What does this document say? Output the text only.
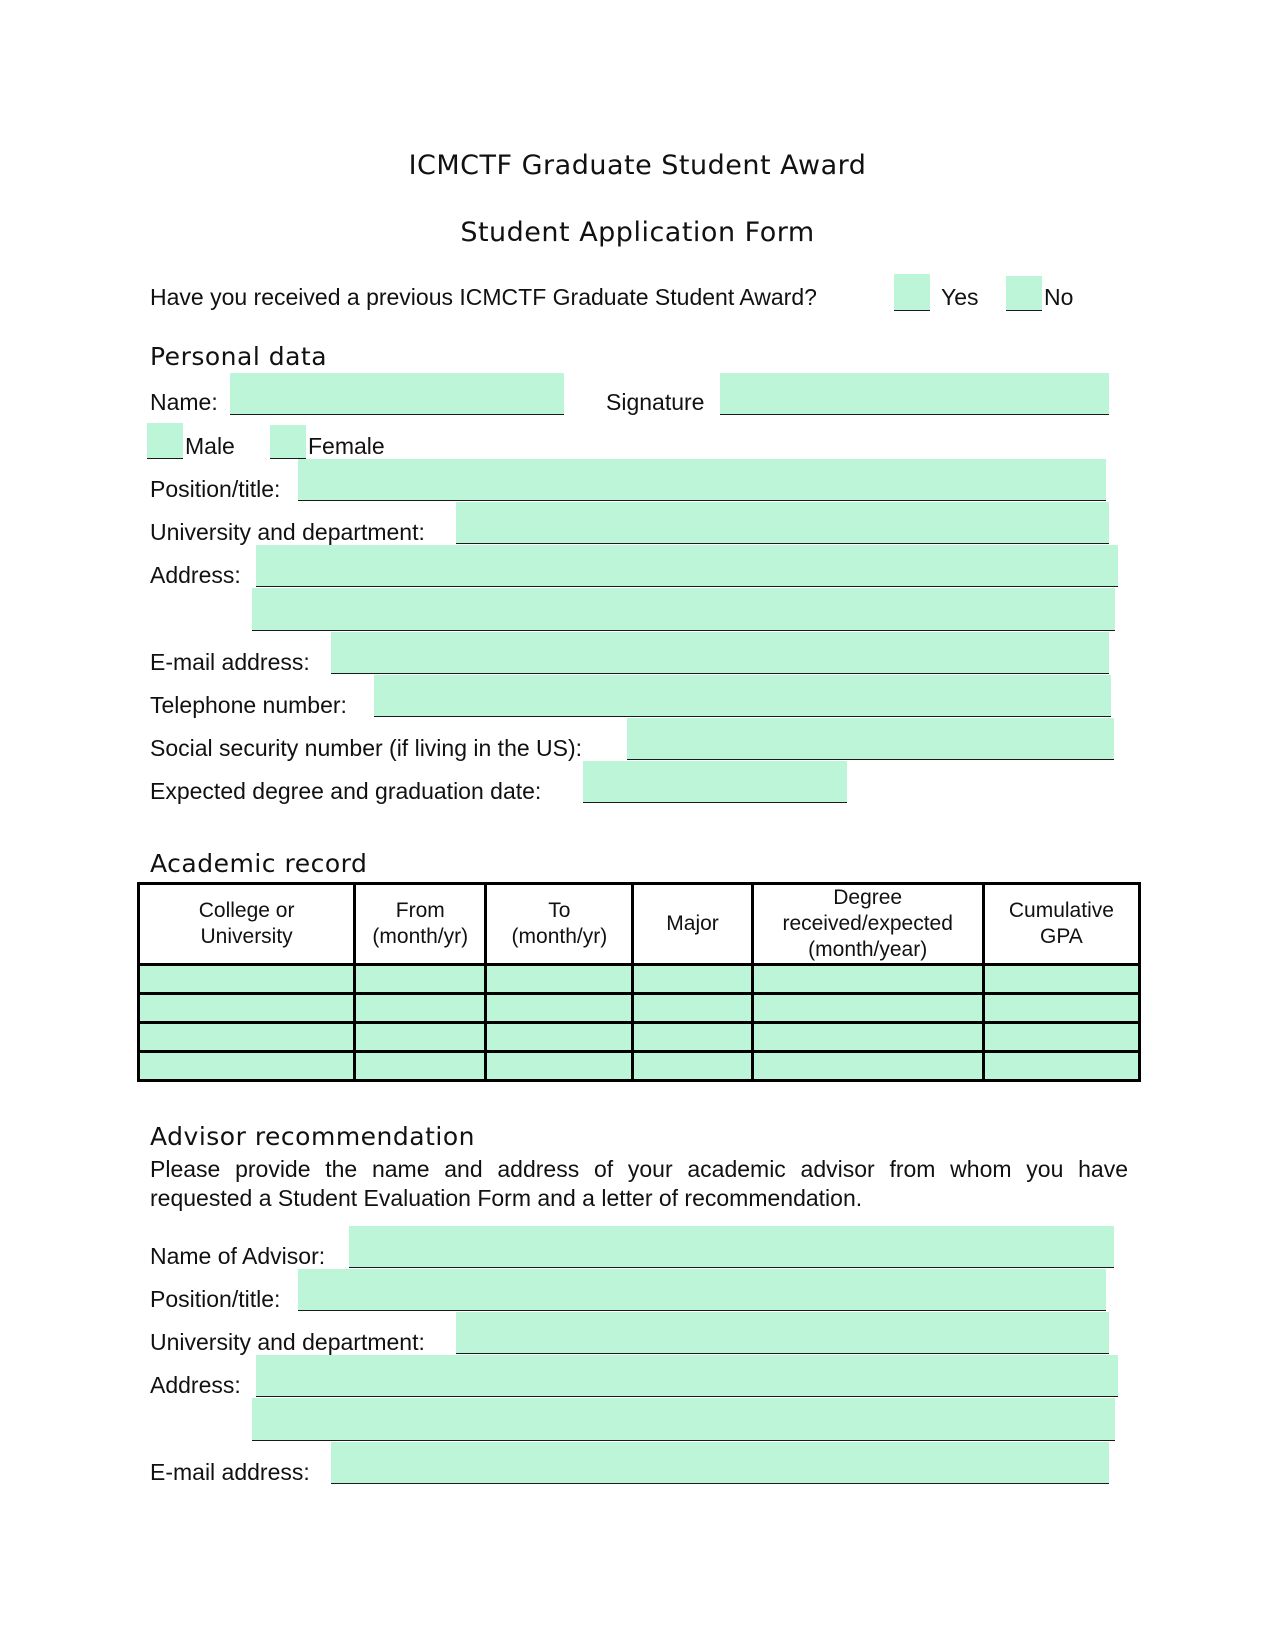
ICMCTF Graduate Student Award
Student Application Form
Have you received a previous ICMCTF Graduate Student Award?	Yes	No
Personal data
Name:	Signature
Male	Female
Position/title:
University and department:
Address:
E-mail address:
Telephone number:
Social security number (if living in the US):
Expected degree and graduation date:
Academic record
College or University	From (month/yr)	To (month/yr)	Major	Degree received/expected (month/year)	Cumulative GPA

Advisor recommendation
Please provide the name and address of your academic advisor from whom you have requested a Student Evaluation Form and a letter of recommendation.
Name of Advisor:
Position/title:
University and department:
Address:
E-mail address:
